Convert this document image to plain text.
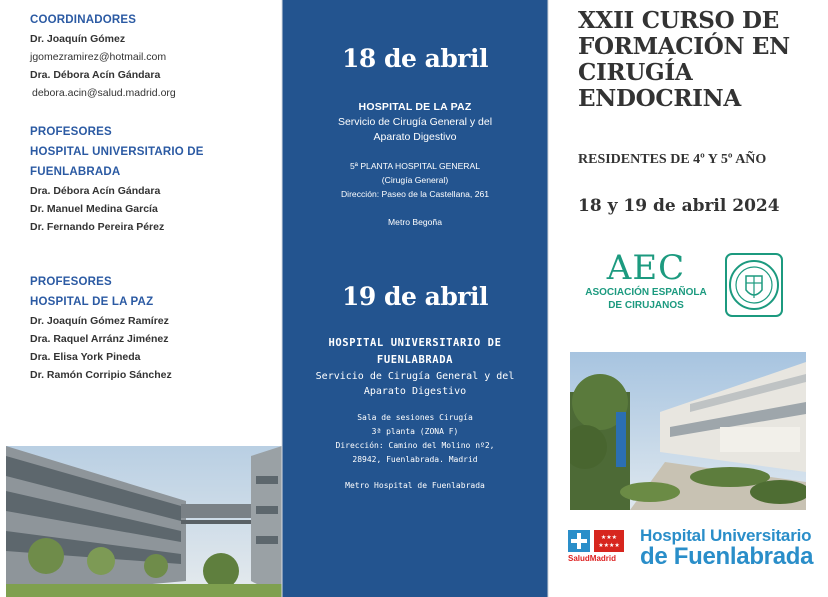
COORDINADORES
Dr. Joaquín Gómez
jgomezramirez@hotmail.com
Dra. Débora Acín Gándara
debora.acin@salud.madrid.org
PROFESORES
HOSPITAL UNIVERSITARIO DE
FUENLABRADA
Dra. Débora Acín Gándara
Dr. Manuel Medina García
Dr. Fernando Pereira Pérez
PROFESORES
HOSPITAL DE LA PAZ
Dr. Joaquín Gómez Ramírez
Dra. Raquel Arránz Jiménez
Dra. Elisa York Pineda
Dr. Ramón Corripio Sánchez
18 de abril
HOSPITAL DE LA PAZ
Servicio de Cirugía General y del
Aparato Digestivo
5ª PLANTA HOSPITAL GENERAL
(Cirugía General)
Dirección: Paseo de la Castellana, 261
Metro Begoña
19 de abril
HOSPITAL UNIVERSITARIO DE
FUENLABRADA
Servicio de Cirugía General y del
Aparato Digestivo
Sala de sesiones Cirugía
3ª planta (ZONA F)
Dirección: Camino del Molino nº2,
28942, Fuenlabrada. Madrid
Metro Hospital de Fuenlabrada
XXII CURSO DE
FORMACIÓN EN
CIRUGÍA
ENDOCRINA
RESIDENTES DE 4º Y 5º AÑO
18 y 19 de abril 2024
AEC
ASOCIACIÓN ESPAÑOLA
DE CIRUJANOS
★★★
★★★★
SaludMadrid
Hospital Universitario
de Fuenlabrada
